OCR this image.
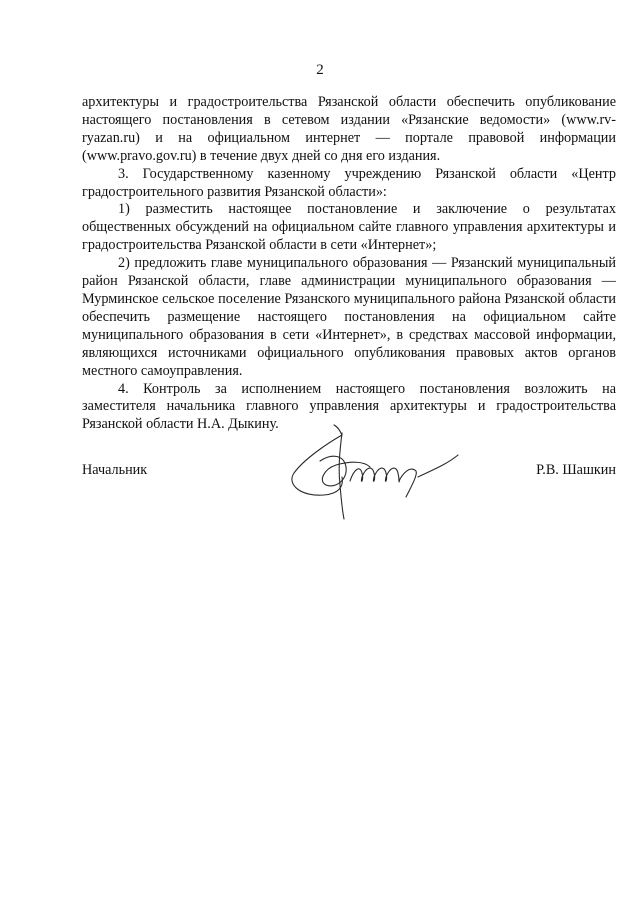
2

архитектуры и градостроительства Рязанской области обеспечить опубликование настоящего постановления в сетевом издании «Рязанские ведомости» (www.rv-ryazan.ru) и на официальном интернет — портале правовой информации (www.pravo.gov.ru) в течение двух дней со дня его издания.

3. Государственному казенному учреждению Рязанской области «Центр градостроительного развития Рязанской области»:

1) разместить настоящее постановление и заключение о результатах общественных обсуждений на официальном сайте главного управления архитектуры и градостроительства Рязанской области в сети «Интернет»;

2) предложить главе муниципального образования — Рязанский муниципальный район Рязанской области, главе администрации муниципального образования — Мурминское сельское поселение Рязанского муниципального района Рязанской области обеспечить размещение настоящего постановления на официальном сайте муниципального образования в сети «Интернет», в средствах массовой информации, являющихся источниками официального опубликования правовых актов органов местного самоуправления.

4. Контроль за исполнением настоящего постановления возложить на заместителя начальника главного управления архитектуры и градостроительства Рязанской области Н.А. Дыкину.

Начальник	Р.В. Шашкин
